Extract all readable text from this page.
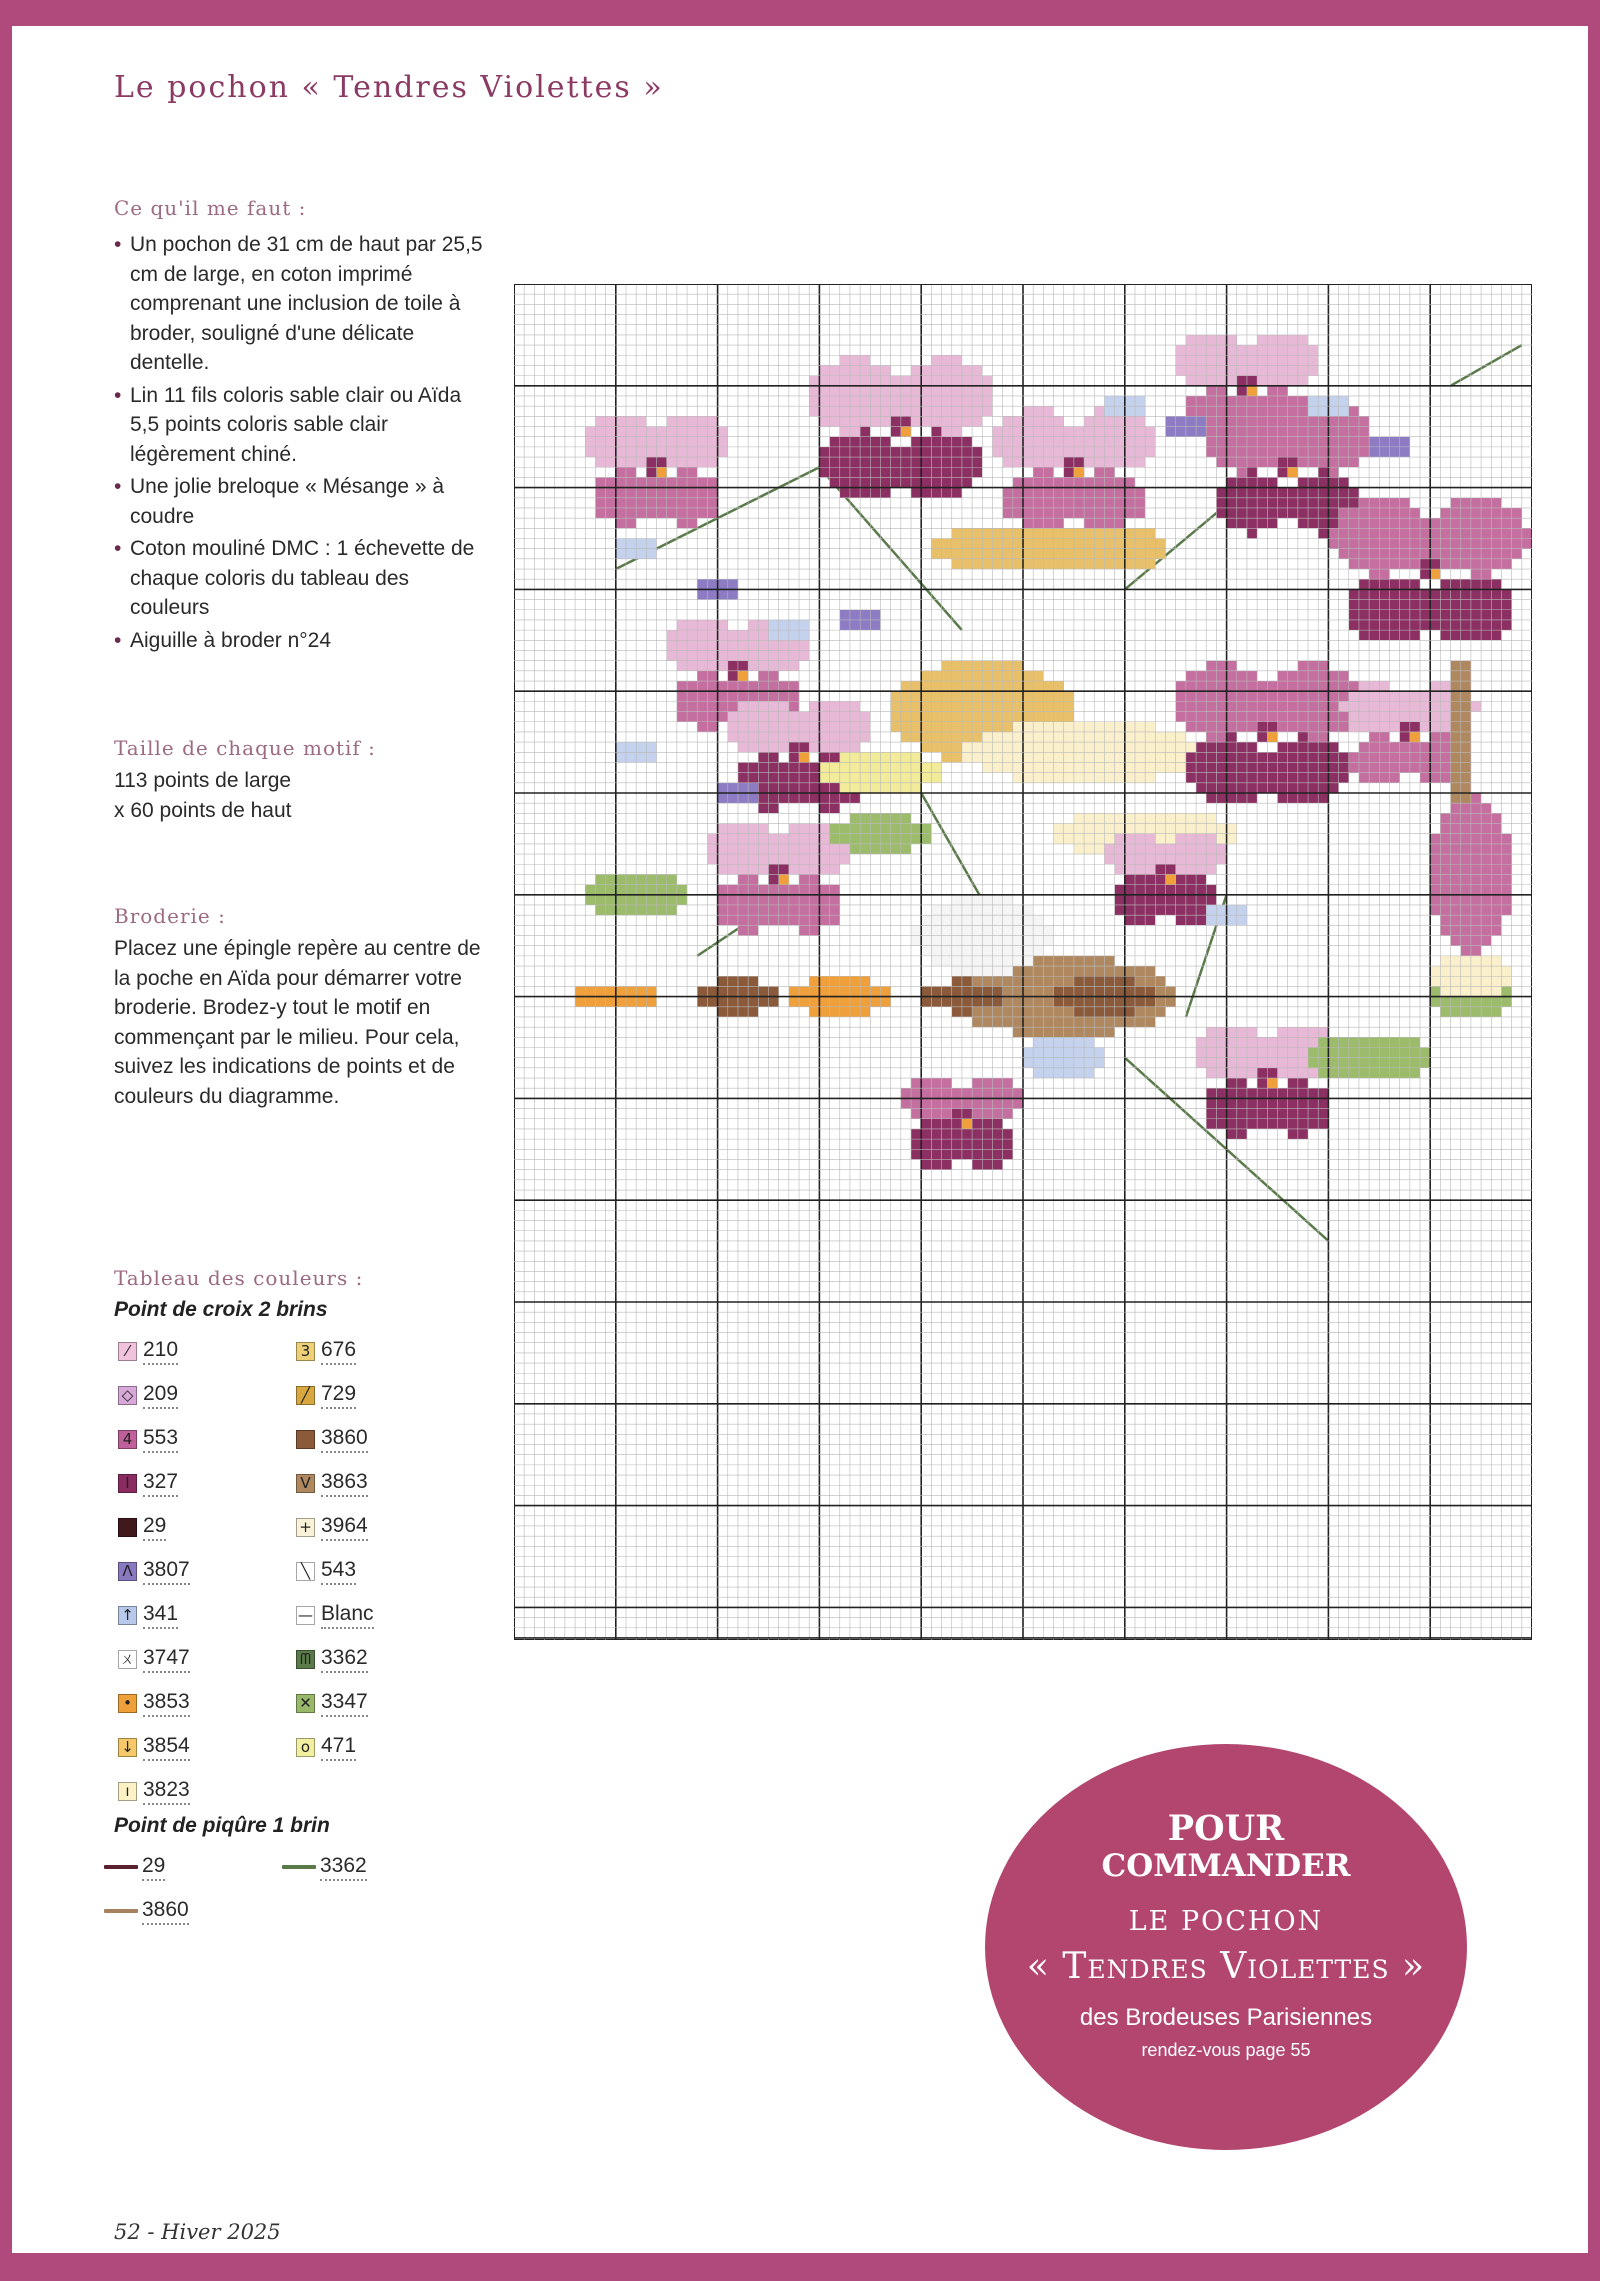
Le pochon « Tendres Violettes »
Ce qu'il me faut :
• Un pochon de 31 cm de haut par 25,5 cm de large, en coton imprimé comprenant une inclusion de toile à broder, souligné d'une délicate dentelle.
• Lin 11 fils coloris sable clair ou Aïda 5,5 points coloris sable clair légèrement chiné.
• Une jolie breloque « Mésange » à coudre
• Coton mouliné DMC : 1 échevette de chaque coloris du tableau des couleurs
• Aiguille à broder n°24
Taille de chaque motif :
113 points de large
x 60 points de haut
Broderie :
Placez une épingle repère au centre de la poche en Aïda pour démarrer votre broderie. Brodez-y tout le motif en commençant par le milieu. Pour cela, suivez les indications de points et de couleurs du diagramme.
Tableau des couleurs :
Point de croix 2 brins
⁄ 210
◇ 209
4 553
I 327
29
Λ 3807
↑ 341
ㄨ 3747
• 3853
↓ 3854
ı 3823
3 676
╱ 729
3860
V 3863
+ 3964
╲ 543
— Blanc
ᗰ 3362
✕ 3347
o 471
Point de piqûre 1 brin
29	3362
3860
POUR
COMMANDER
LE POCHON
« Tendres Violettes »
des Brodeuses Parisiennes
rendez-vous page 55
52 - Hiver 2025
